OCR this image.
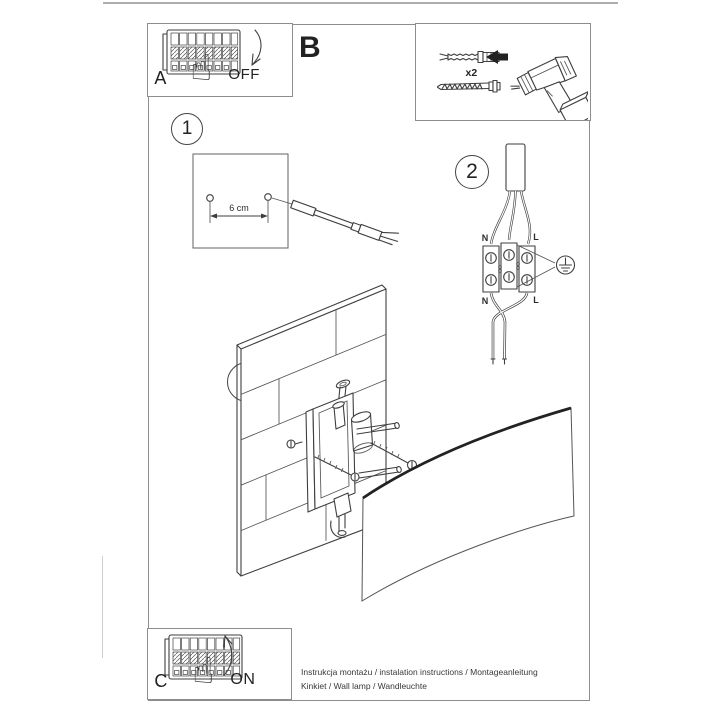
☝ OFF
A
B
x2
1
6 cm
2
N	L
N	L
☝ ON
C	Instrukcja montażu / instalation instructions / Montageanleitung
Kinkiet / Wall lamp / Wandleuchte
